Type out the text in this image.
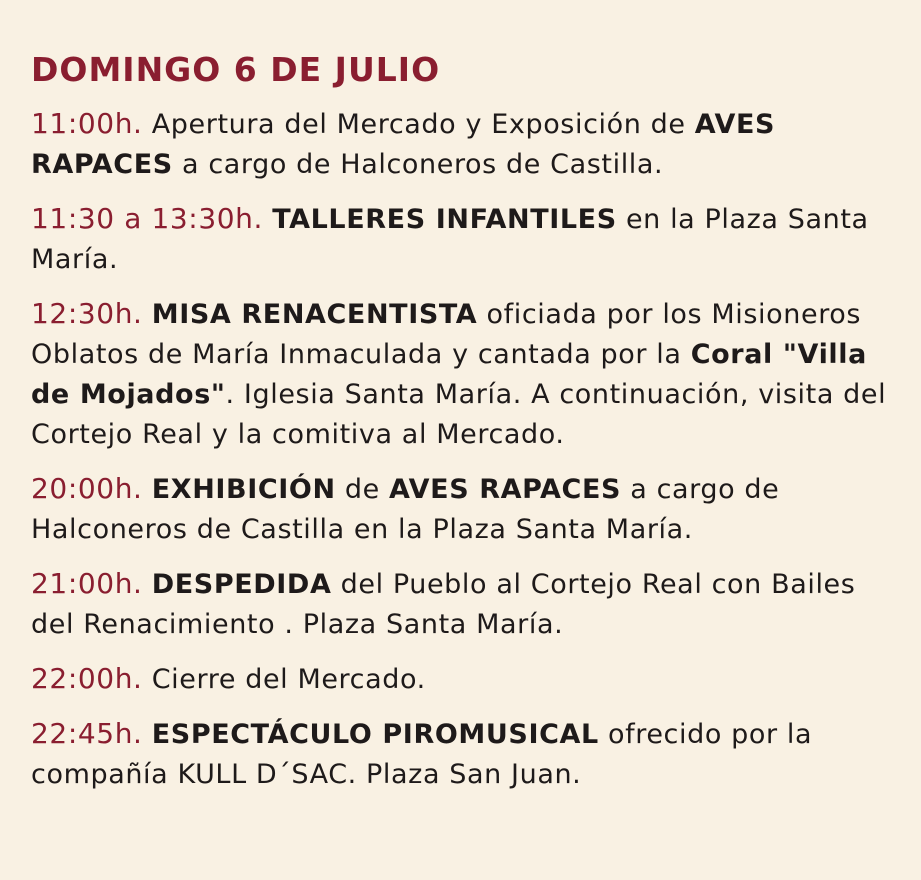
DOMINGO 6 DE JULIO

11:00h. Apertura del Mercado y Exposición de AVES RAPACES a cargo de Halconeros de Castilla.

11:30 a 13:30h. TALLERES INFANTILES en la Plaza Santa María.

12:30h. MISA RENACENTISTA oficiada por los Misioneros Oblatos de María Inmaculada y cantada por la Coral "Villa de Mojados". Iglesia Santa María. A continuación, visita del Cortejo Real y la comitiva al Mercado.

20:00h. EXHIBICIÓN de AVES RAPACES a cargo de Halconeros de Castilla en la Plaza Santa María.

21:00h. DESPEDIDA del Pueblo al Cortejo Real con Bailes del Renacimiento . Plaza Santa María.

22:00h. Cierre del Mercado.

22:45h. ESPECTÁCULO PIROMUSICAL ofrecido por la compañía KULL D´SAC. Plaza San Juan.
